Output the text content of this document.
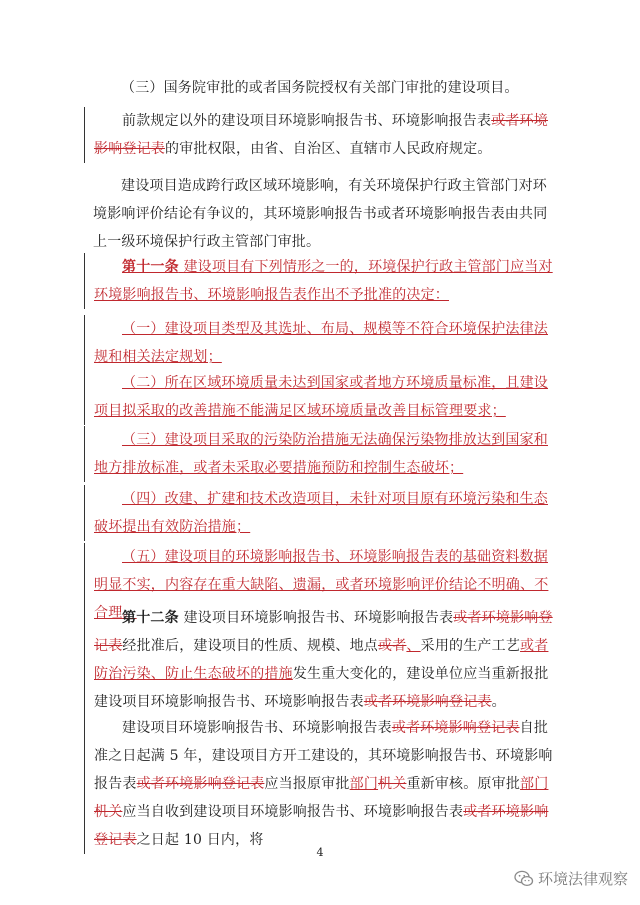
（三）国务院审批的或者国务院授权有关部门审批的建设项目。
前款规定以外的建设项目环境影响报告书、环境影响报告表或者环境影响登记表的审批权限，由省、自治区、直辖市人民政府规定。
建设项目造成跨行政区域环境影响，有关环境保护行政主管部门对环境影响评价结论有争议的，其环境影响报告书或者环境影响报告表由共同上一级环境保护行政主管部门审批。
第十一条 建设项目有下列情形之一的，环境保护行政主管部门应当对环境影响报告书、环境影响报告表作出不予批准的决定：
（一）建设项目类型及其选址、布局、规模等不符合环境保护法律法规和相关法定规划；
（二）所在区域环境质量未达到国家或者地方环境质量标准，且建设项目拟采取的改善措施不能满足区域环境质量改善目标管理要求；
（三）建设项目采取的污染防治措施无法确保污染物排放达到国家和地方排放标准，或者未采取必要措施预防和控制生态破坏；
（四）改建、扩建和技术改造项目，未针对项目原有环境污染和生态破坏提出有效防治措施；
（五）建设项目的环境影响报告书、环境影响报告表的基础资料数据明显不实，内容存在重大缺陷、遗漏，或者环境影响评价结论不明确、不合理。
第十二条 建设项目环境影响报告书、环境影响报告表或者环境影响登记表经批准后，建设项目的性质、规模、地点或者、采用的生产工艺或者防治污染、防止生态破坏的措施发生重大变化的，建设单位应当重新报批建设项目环境影响报告书、环境影响报告表或者环境影响登记表。
建设项目环境影响报告书、环境影响报告表或者环境影响登记表自批准之日起满 5 年，建设项目方开工建设的，其环境影响报告书、环境影响报告表或者环境影响登记表应当报原审批部门机关重新审核。原审批部门机关应当自收到建设项目环境影响报告书、环境影响报告表或者环境影响登记表之日起 10 日内，将
4
环境法律观察
